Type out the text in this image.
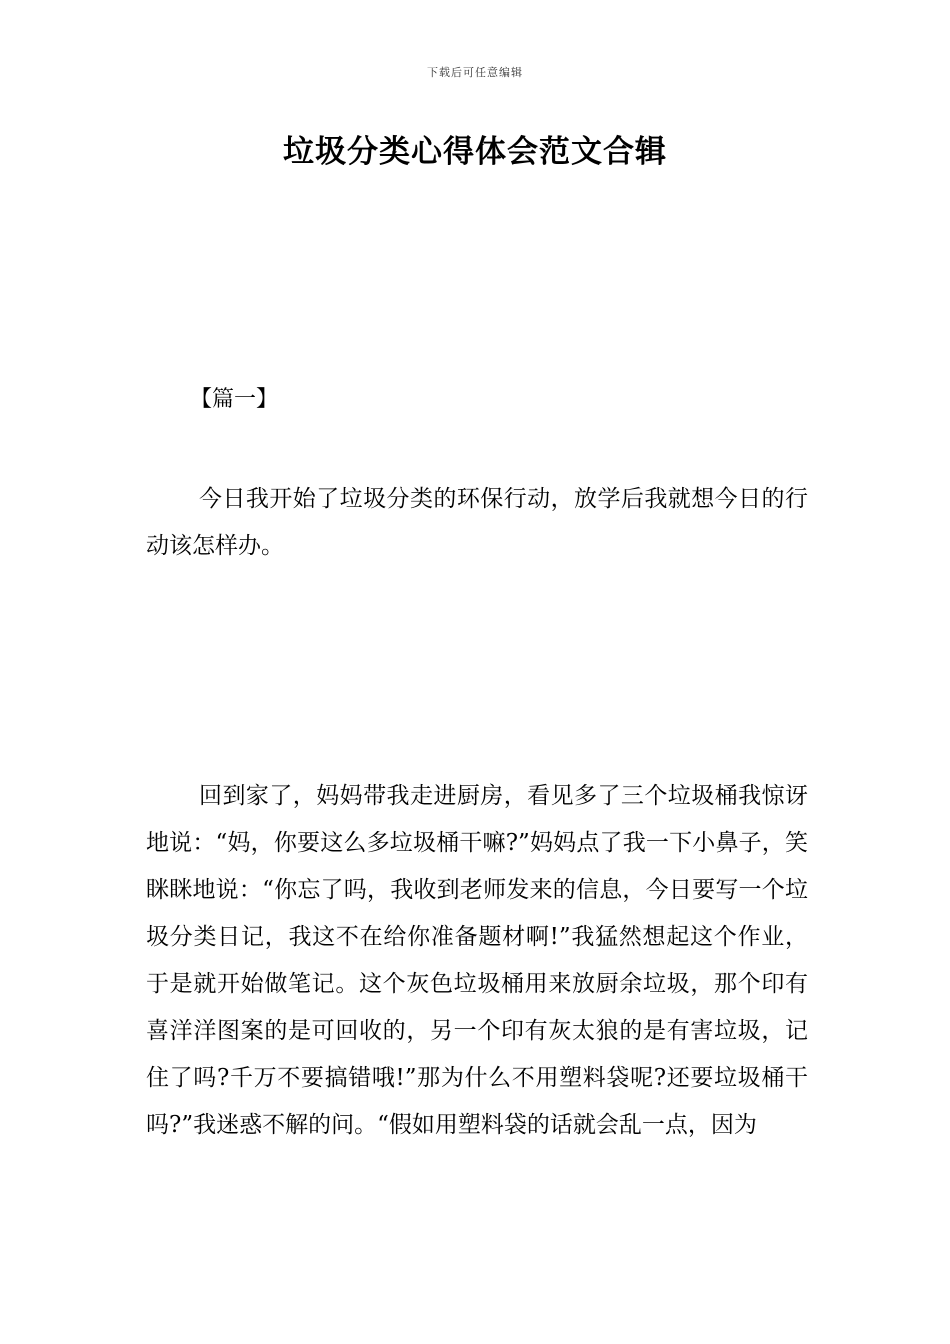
下载后可任意编辑
垃圾分类心得体会范文合辑

【篇一】

今日我开始了垃圾分类的环保行动，放学后我就想今日的行动该怎样办。

回到家了，妈妈带我走进厨房，看见多了三个垃圾桶我惊讶地说：“妈，你要这么多垃圾桶干嘛?”妈妈点了我一下小鼻子，笑眯眯地说：“你忘了吗，我收到老师发来的信息，今日要写一个垃圾分类日记，我这不在给你准备题材啊!”我猛然想起这个作业，于是就开始做笔记。这个灰色垃圾桶用来放厨余垃圾，那个印有喜洋洋图案的是可回收的，另一个印有灰太狼的是有害垃圾，记住了吗?千万不要搞错哦!”那为什么不用塑料袋呢?还要垃圾桶干吗?”我迷惑不解的问。“假如用塑料袋的话就会乱一点，因为
